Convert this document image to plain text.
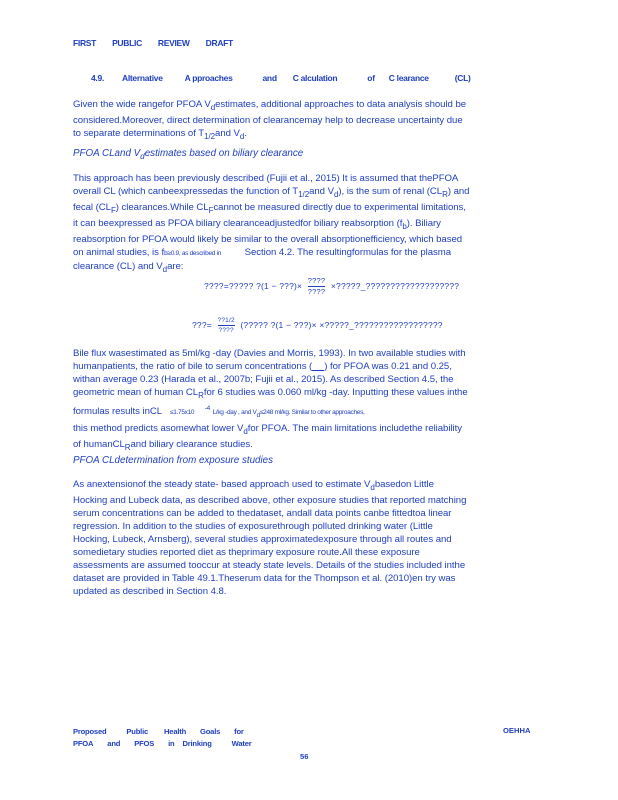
FIRST PUBLIC REVIEW DRAFT
4.9. Alternative	A pproaches	and C alculation	of C learance	(CL)
Given the wide rangefor PFOA $V_destimates$, additional approaches to data analysis should be
considered.Moreover, direct determination of clearancemay help to decrease uncertainty due
to separate determinations of $T_{1/2}and$ $V_d$.
PFOA CLand $V_destimates$ based on biliary clearance
This approach has been previously described (Fujii et al., 2015) It is assumed that thePFOA
overall CL (which canbeexpressedas the function of $T_{1/2}and$ $V_d$), is the sum of renal $(CL_R)$ and
fecal $(CL_F)$ clearances.While $CL_Fcannot$ be measured directly due to experimental limitations,
it can beexpressed as PFOA biliary clearanceadjustedfor biliary reabsorption $(f_b)$. Biliary
reabsorption for PFOA would likely be similar to the overall absorptionefficiency, which based
on animal studies, is fb≥0.9, as described in Section 4.2. The resultingformulas for the plasma
clearance (CL) and $V_dare$:
????=????? ?(1 − ???)×
????
????
×?????_???????????????????
???= ??1/2
????
(????? ?(1 − ???)× ×?????_??????????????????
Bile flux wasestimated as 5ml/kg -day (Davies and Morris, 1993). In two available studies with
humanpatients, the ratio of bile to serum concentrations ( ) for PFOA was 0.21 and 0.25,
withan average 0.23 (Harada et al., 2007b; Fujii et al., 2015). As described Section 4.5, the
geometric mean of human $CL_Rfor$ 6 studies was 0.060 ml/kg -day. Inputting these values inthe
formulas results inCL ≤1.75x10    $^{-4}$ L/kg -day , and $V_d\le 248$ ml/kg. Similar to other approaches,
this method predicts asomewhat lower $V_dfor$ PFOA. The main limitations includethe reliability
of humanCL$_R$and biliary clearance studies.
PFOA CLdetermination from exposure studies
As anextensionof the steady state- based approach used to estimate $V_dbasedon$ Little
Hocking and Lubeck data, as described above, other exposure studies that reported matching
serum concentrations can be added to thedataset, andall data points canbe fittedtoa linear
regression. In addition to the studies of exposurethrough polluted drinking water (Little
Hocking, Lubeck, Arnsberg), several studies approximatedexposure through all routes and
somedietary studies reported diet as theprimary exposure route.All these exposure
assessments are assumed tooccur at steady state levels. Details of the studies included inthe
dataset are provided in Table 49.1.Theserum data for the Thompson et al. (2010)en try was
updated as described in Section 4.8.
Proposed	Public Health Goals for
PFOA and PFOS in Drinking	Water
OEHHA
56
